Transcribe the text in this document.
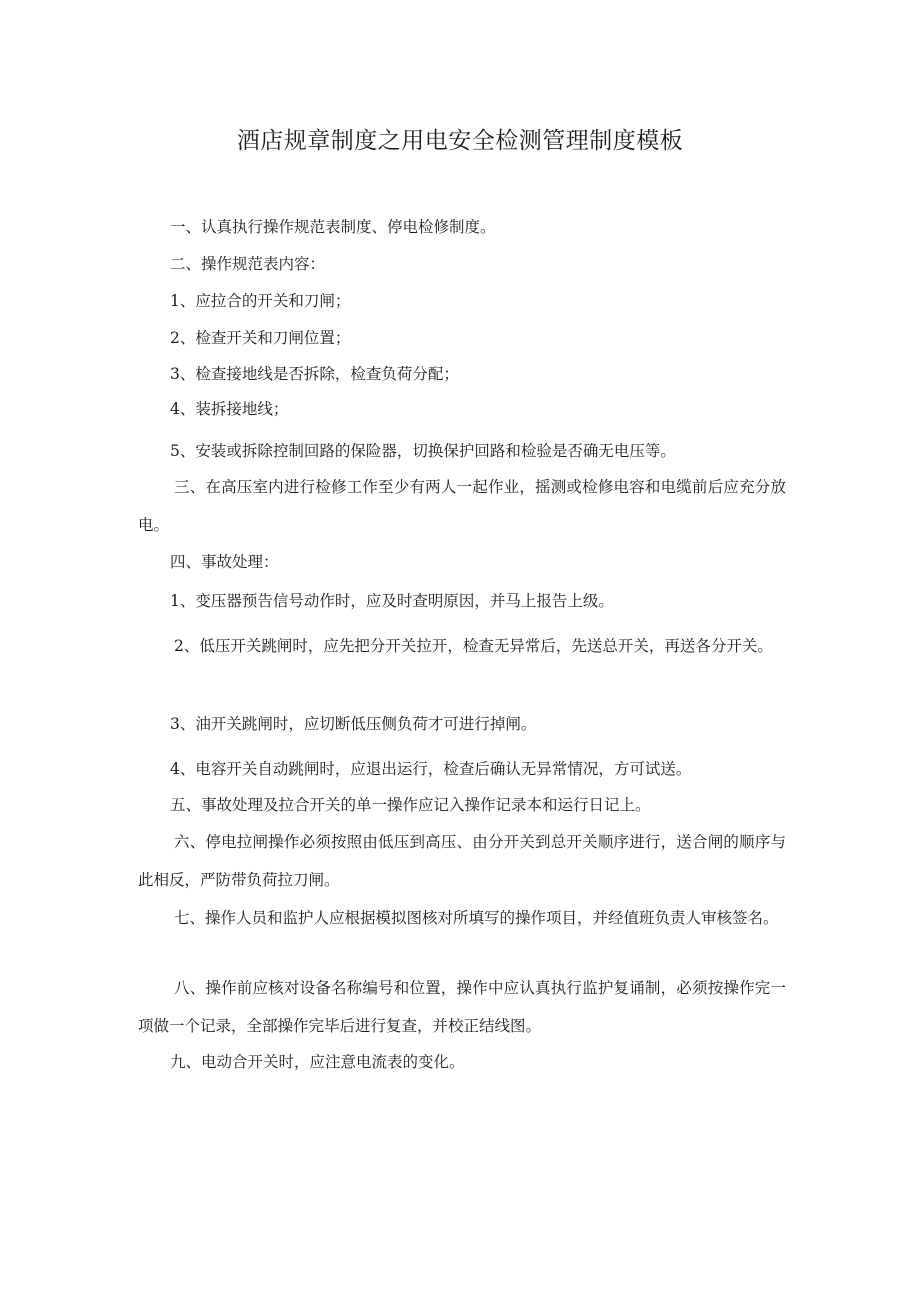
酒店规章制度之用电安全检测管理制度模板

一、认真执行操作规范表制度、停电检修制度。

二、操作规范表内容：

1、应拉合的开关和刀闸；

2、检查开关和刀闸位置；

3、检查接地线是否拆除，检查负荷分配；

4、装拆接地线；

5、安装或拆除控制回路的保险器，切换保护回路和检验是否确无电压等。

三、在高压室内进行检修工作至少有两人一起作业，摇测或检修电容和电缆前后应充分放电。

四、事故处理：

1、变压器预告信号动作时，应及时查明原因，并马上报告上级。

2、低压开关跳闸时，应先把分开关拉开，检查无异常后，先送总开关，再送各分开关。

3、油开关跳闸时，应切断低压侧负荷才可进行掉闸。

4、电容开关自动跳闸时，应退出运行，检查后确认无异常情况，方可试送。

五、事故处理及拉合开关的单一操作应记入操作记录本和运行日记上。

六、停电拉闸操作必须按照由低压到高压、由分开关到总开关顺序进行，送合闸的顺序与此相反，严防带负荷拉刀闸。

七、操作人员和监护人应根据模拟图核对所填写的操作项目，并经值班负责人审核签名。

八、操作前应核对设备名称编号和位置，操作中应认真执行监护复诵制，必须按操作完一项做一个记录，全部操作完毕后进行复查，并校正结线图。

九、电动合开关时，应注意电流表的变化。
